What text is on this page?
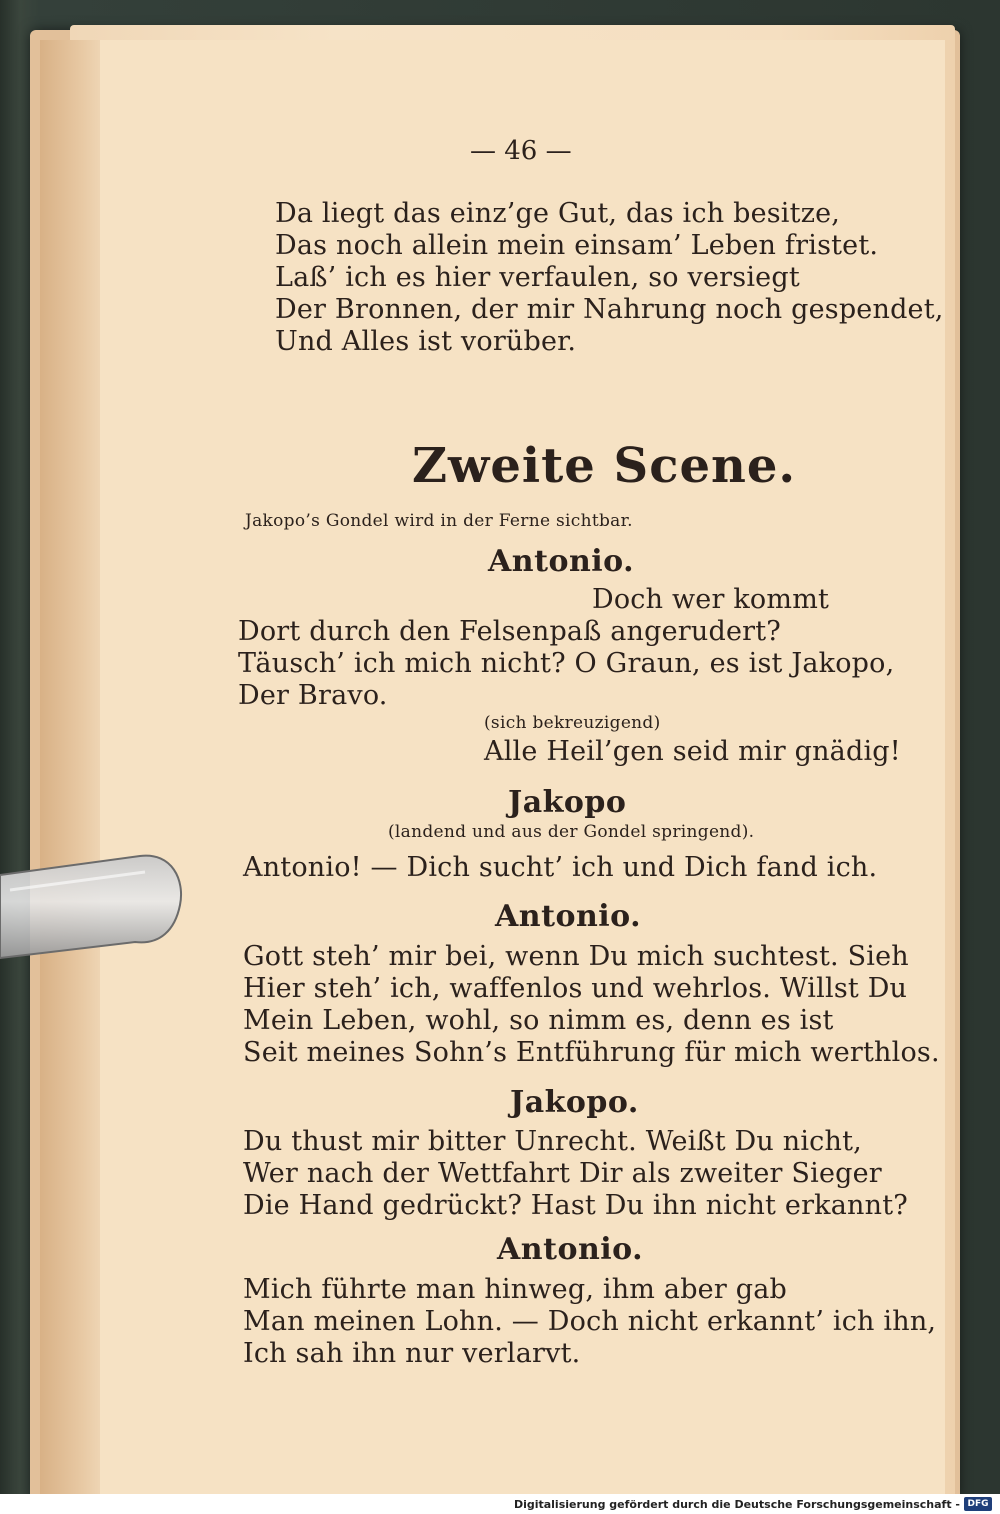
— 46 —
Da liegt das einz’ge Gut, das ich besitze,
Das noch allein mein einsam’ Leben fristet.
Laß’ ich es hier verfaulen, so versiegt
Der Bronnen, der mir Nahrung noch gespendet,
Und Alles ist vorüber.
Zweite Scene.
Jakopo’s Gondel wird in der Ferne sichtbar.
Antonio.
Doch wer kommt
Dort durch den Felsenpaß angerudert?
Täusch’ ich mich nicht? O Graun, es ist Jakopo,
Der Bravo.
(sich bekreuzigend)
Alle Heil’gen seid mir gnädig!
Jakopo
(landend und aus der Gondel springend).
Antonio! — Dich sucht’ ich und Dich fand ich.
Antonio.
Gott steh’ mir bei, wenn Du mich suchtest. Sieh
Hier steh’ ich, waffenlos und wehrlos. Willst Du
Mein Leben, wohl, so nimm es, denn es ist
Seit meines Sohn’s Entführung für mich werthlos.
Jakopo.
Du thust mir bitter Unrecht. Weißt Du nicht,
Wer nach der Wettfahrt Dir als zweiter Sieger
Die Hand gedrückt? Hast Du ihn nicht erkannt?
Antonio.
Mich führte man hinweg, ihm aber gab
Man meinen Lohn. — Doch nicht erkannt’ ich ihn,
Ich sah ihn nur verlarvt.
Digitalisierung gefördert durch die Deutsche Forschungsgemeinschaft - DFG
